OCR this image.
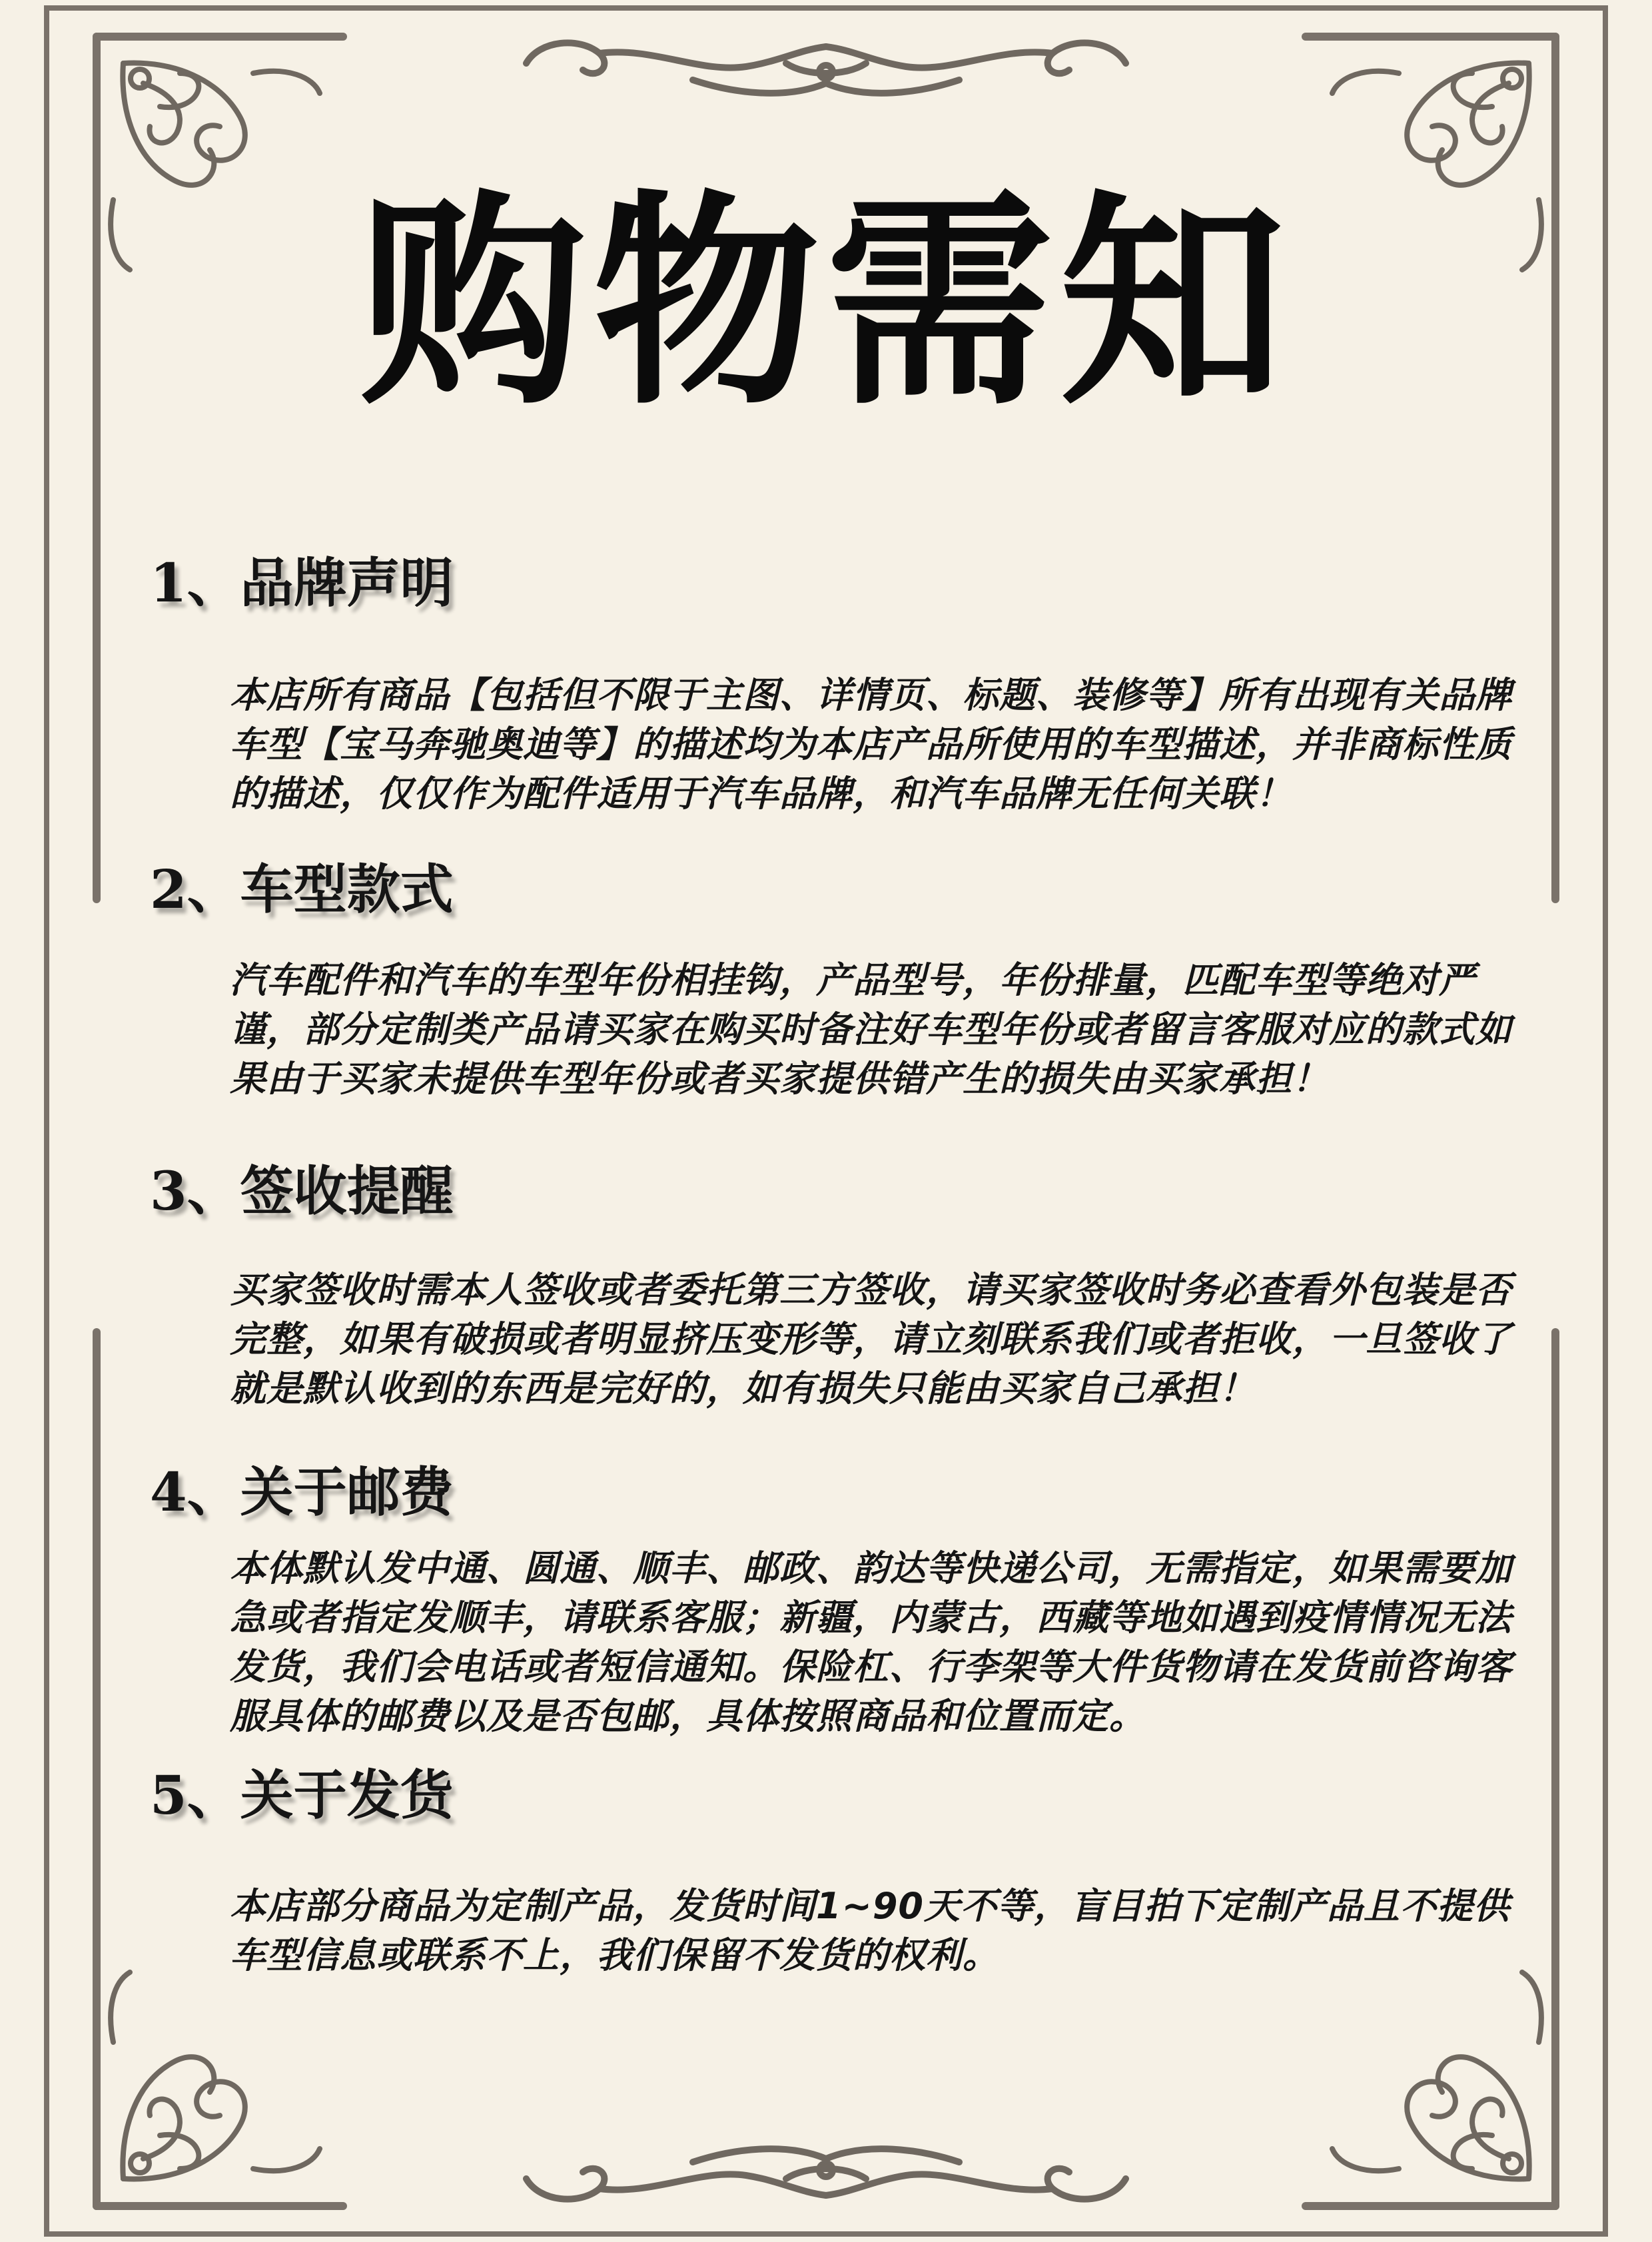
购物需知
1、品牌声明
本店所有商品【包括但不限于主图、详情页、标题、装修等】所有出现有关品牌车型【宝马奔驰奥迪等】的描述均为本店产品所使用的车型描述，并非商标性质的描述，仅仅作为配件适用于汽车品牌，和汽车品牌无任何关联！
2、车型款式
汽车配件和汽车的车型年份相挂钩，产品型号，年份排量，匹配车型等绝对严谨，部分定制类产品请买家在购买时备注好车型年份或者留言客服对应的款式如果由于买家未提供车型年份或者买家提供错产生的损失由买家承担！
3、签收提醒
买家签收时需本人签收或者委托第三方签收，请买家签收时务必查看外包装是否完整，如果有破损或者明显挤压变形等，请立刻联系我们或者拒收，一旦签收了就是默认收到的东西是完好的，如有损失只能由买家自己承担！
4、关于邮费
本体默认发中通、圆通、顺丰、邮政、韵达等快递公司，无需指定，如果需要加急或者指定发顺丰，请联系客服；新疆，内蒙古，西藏等地如遇到疫情情况无法发货，我们会电话或者短信通知。保险杠、行李架等大件货物请在发货前咨询客服具体的邮费以及是否包邮，具体按照商品和位置而定。
5、关于发货
本店部分商品为定制产品，发货时间1~90天不等，盲目拍下定制产品且不提供车型信息或联系不上，我们保留不发货的权利。
